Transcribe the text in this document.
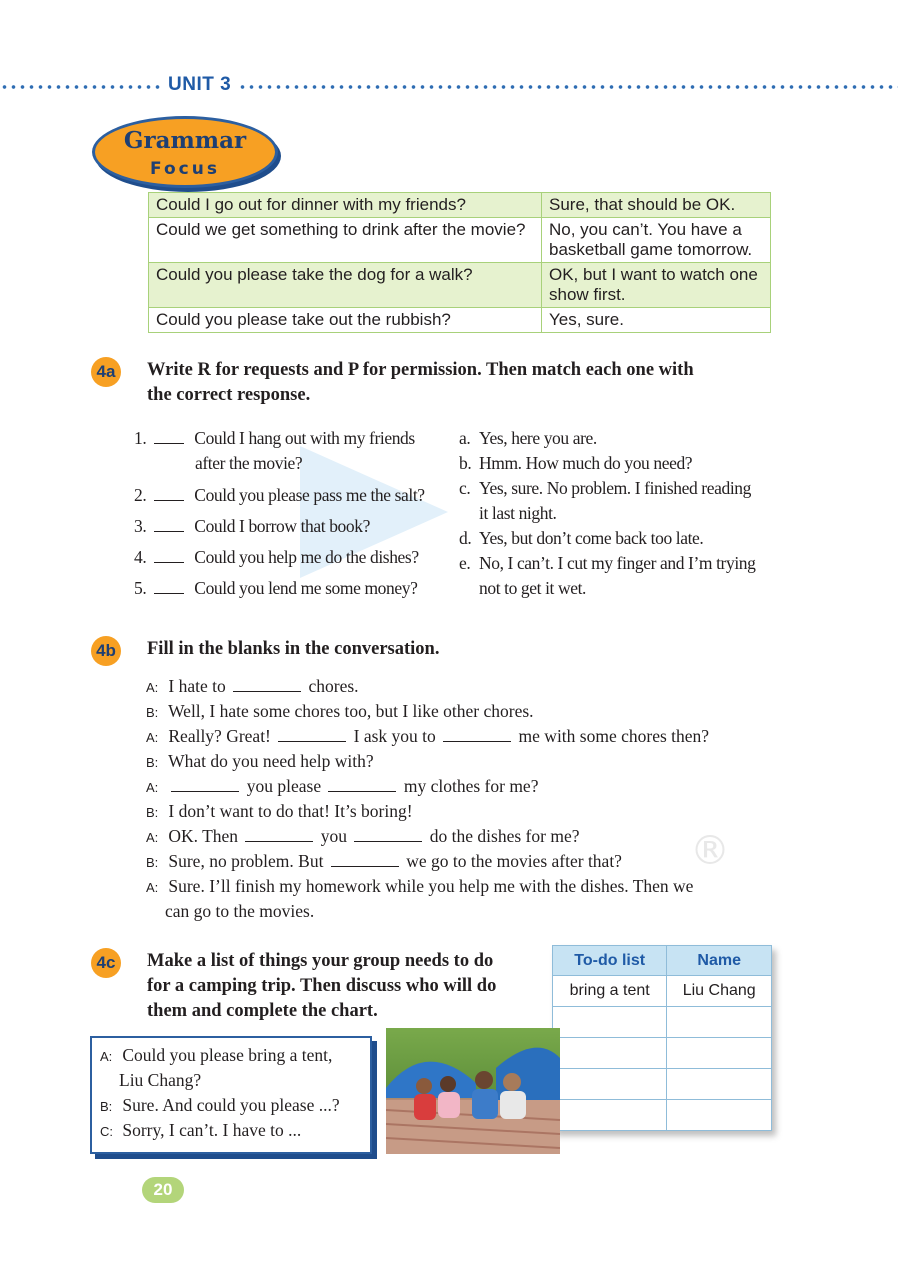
UNIT 3
Grammar
Focus
Could I go out for dinner with my friends?	Sure, that should be OK.
Could we get something to drink after the movie?	No, you can’t. You have a basketball game tomorrow.
Could you please take the dog for a walk?	OK, but I want to watch one show first.
Could you please take out the rubbish?	Yes, sure.
4a Write R for requests and P for permission. Then match each one with
the correct response.
1.	Could I hang out with my friends
after the movie?
2.	Could you please pass me the salt?
3.	Could I borrow that book?
4.	Could you help me do the dishes?
5.	Could you lend me some money?
a. Yes, here you are.
b. Hmm. How much do you need?
c. Yes, sure. No problem. I finished reading
it last night.
d. Yes, but don’t come back too late.
e. No, I can’t. I cut my finger and I’m trying
not to get it wet.
4b Fill in the blanks in the conversation.
A: I hate to	chores.
B: Well, I hate some chores too, but I like other chores.
A: Really? Great!	I ask you to	me with some chores then?
B: What do you need help with?
A:	you please	my clothes for me?
B: I don’t want to do that! It’s boring!
A: OK. Then	you	do the dishes for me?
B: Sure, no problem. But	we go to the movies after that?
A: Sure. I’ll finish my homework while you help me with the dishes. Then we
can go to the movies.
®
4c Make a list of things your group needs to do
for a camping trip. Then discuss who will do
them and complete the chart.
To-do list	Name
bring a tent	Liu Chang

A: Could you please bring a tent,
Liu Chang?
B: Sure. And could you please ...?
C: Sorry, I can’t. I have to ...
20
